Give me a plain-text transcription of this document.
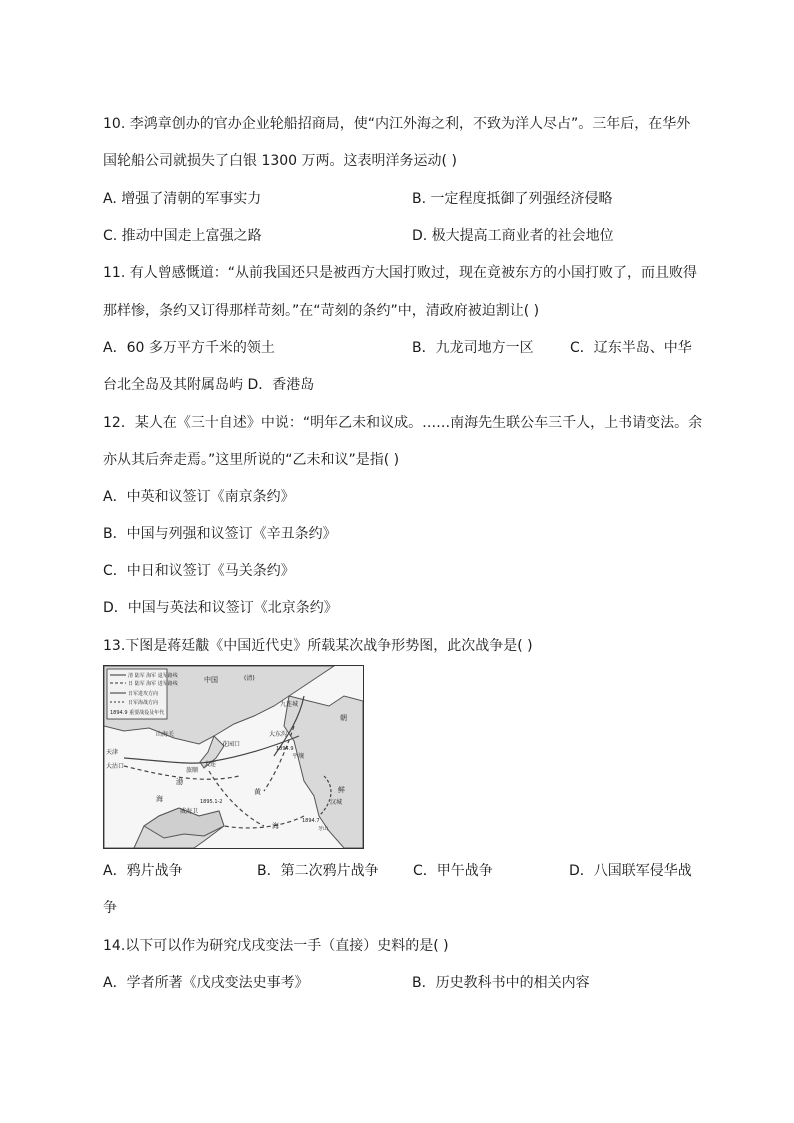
10. 李鸿章创办的官办企业轮船招商局，使“内江外海之利，不致为洋人尽占”。三年后，在华外
国轮船公司就损失了白银 1300 万两。这表明洋务运动( )
A. 增强了清朝的军事实力	B. 一定程度抵御了列强经济侵略
C. 推动中国走上富强之路	D. 极大提高工商业者的社会地位
11. 有人曾感慨道：“从前我国还只是被西方大国打败过，现在竟被东方的小国打败了，而且败得
那样惨，条约又订得那样苛刻。”在“苛刻的条约”中，清政府被迫割让( )
A．60 多万平方千米的领土	B．九龙司地方一区	C．辽东半岛、中华
台北全岛及其附属岛屿 D．香港岛
12．某人在《三十自述》中说：“明年乙未和议成。……南海先生联公车三千人，上书请变法。余
亦从其后奔走焉。”这里所说的“乙未和议”是指( )
A．中英和议签订《南京条约》
B．中国与列强和议签订《辛丑条约》
C．中日和议签订《马关条约》
D．中国与英法和议签订《北京条约》
13.下图是蒋廷黻《中国近代史》所载某次战争形势图，此次战争是( )
清 陆军 海军 退军路线
日 陆军 海军 进军路线
日军进攻方向
日军海战方向
1894.9 重要战役及年代
中国	(清)
山海关
天津
大沽口
旅顺
大连
花园口
威海卫
九连城
大东沟
平壤
朝
鲜
汉城
渤
海
黄
海
1894.9
1895.1-2
1894.7
牙山
A．鸦片战争	B．第二次鸦片战争 C．甲午战争	D．八国联军侵华战
争
14.以下可以作为研究戊戌变法一手（直接）史料的是( )
A．学者所著《戊戌变法史事考》	B．历史教科书中的相关内容
